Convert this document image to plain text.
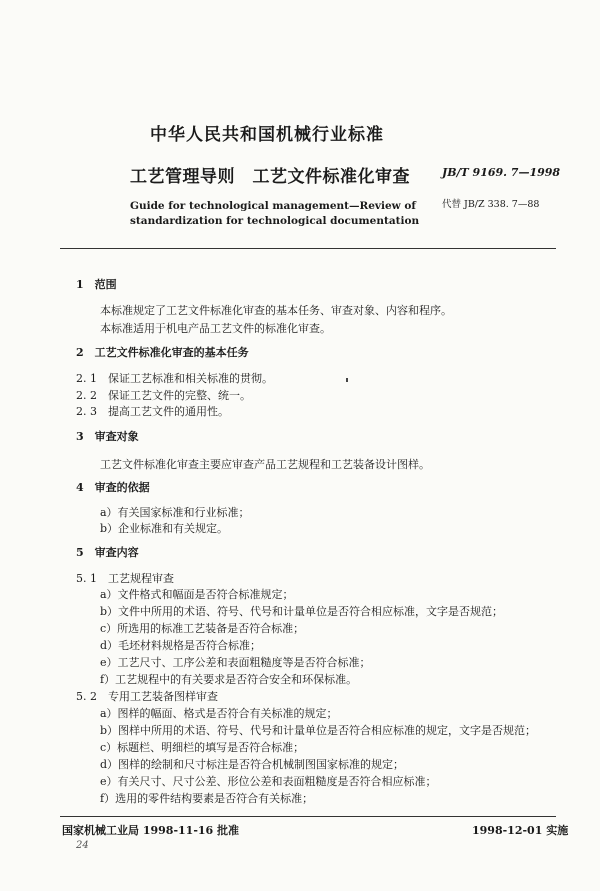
中华人民共和国机械行业标准
工艺管理导则　工艺文件标准化审查	JB/T 9169. 7—1998
Guide for technological management—Review of
standardization for technological documentation
代替 JB/Z 338. 7—88
1　范围
本标准规定了工艺文件标准化审查的基本任务、审查对象、内容和程序。
本标准适用于机电产品工艺文件的标准化审查。
2　工艺文件标准化审查的基本任务
2. 1　保证工艺标准和相关标准的贯彻。
2. 2　保证工艺文件的完整、统一。
2. 3　提高工艺文件的通用性。
3　审查对象
工艺文件标准化审查主要应审查产品工艺规程和工艺装备设计图样。
4　审查的依据
a）有关国家标准和行业标准；
b）企业标准和有关规定。
5　审查内容
5. 1　工艺规程审查
a）文件格式和幅面是否符合标准规定；
b）文件中所用的术语、符号、代号和计量单位是否符合相应标准，文字是否规范；
c）所选用的标准工艺装备是否符合标准；
d）毛坯材料规格是否符合标准；
e）工艺尺寸、工序公差和表面粗糙度等是否符合标准；
f）工艺规程中的有关要求是否符合安全和环保标准。
5. 2　专用工艺装备图样审查
a）图样的幅面、格式是否符合有关标准的规定；
b）图样中所用的术语、符号、代号和计量单位是否符合相应标准的规定，文字是否规范；
c）标题栏、明细栏的填写是否符合标准；
d）图样的绘制和尺寸标注是否符合机械制图国家标准的规定；
e）有关尺寸、尺寸公差、形位公差和表面粗糙度是否符合相应标准；
f）选用的零件结构要素是否符合有关标准；
国家机械工业局 1998-11-16 批准	1998-12-01 实施
24
